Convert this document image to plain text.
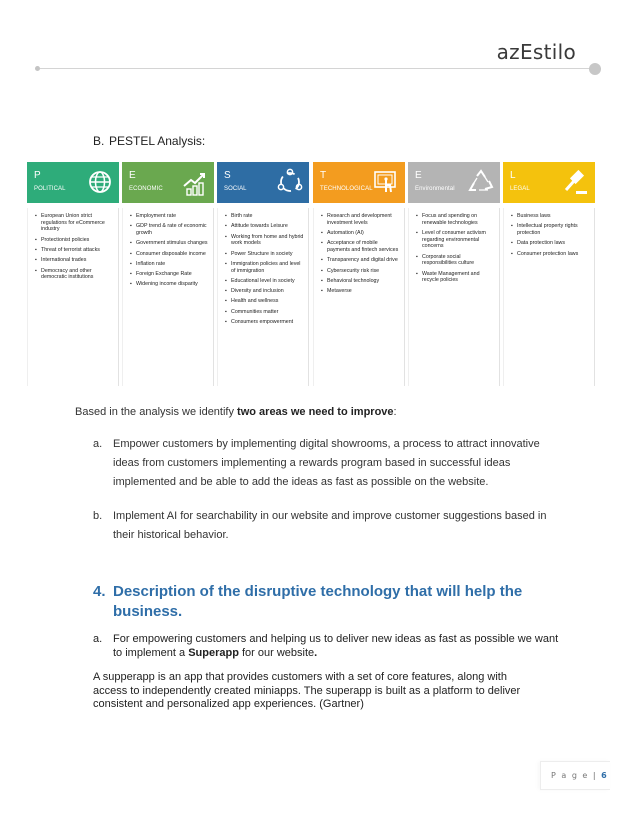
azEstilo
B. PESTEL Analysis:
P
POLITICAL
▪ European Union strict regulations for eCommerce industry
▪ Protectionist policies
▪ Threat of terrorist attacks
▪ International trades
▪ Democracy and other democratic institutions
E
ECONOMIC
▪ Employment rate
▪ GDP trend & rate of economic growth
▪ Government stimulus changes
▪ Consumer disposable income
▪ Inflation rate
▪ Foreign Exchange Rate
▪ Widening income disparity
S
SOCIAL
▪ Birth rate
▪ Attitude towards Leisure
▪ Working from home and hybrid work models
▪ Power Structure in society
▪ Immigration policies and level of immigration
▪ Educational level in society
▪ Diversity and inclusion
▪ Health and wellness
▪ Communities matter
▪ Consumers empowerment
T
TECHNOLOGICAL
▪ Research and development investment levels
▪ Automation (AI)
▪ Acceptance of mobile payments and fintech services
▪ Transparency and digital drive
▪ Cybersecurity risk rise
▪ Behavioral technology
▪ Metaverse
E
Environmental
▪ Focus and spending on renewable technologies
▪ Level of consumer activism regarding environmental concerns
▪ Corporate social responsibilities culture
▪ Waste Management and recycle policies
L
LEGAL
▪ Business laws
▪ Intellectual property rights protection
▪ Data protection laws
▪ Consumer protection laws
Based in the analysis we identify two areas we need to improve:
a. Empower customers by implementing digital showrooms, a process to attract innovative ideas from customers implementing a rewards program based in successful ideas implemented and be able to add the ideas as fast as possible on the website.
b. Implement AI for searchability in our website and improve customer suggestions based in their historical behavior.
4. Description of the disruptive technology that will help the business.
a. For empowering customers and helping us to deliver new ideas as fast as possible we want to implement a Superapp for our website.
A supperapp is an app that provides customers with a set of core features, along with access to independently created miniapps. The superapp is built as a platform to deliver consistent and personalized app experiences. (Gartner)
P a g e | 6
